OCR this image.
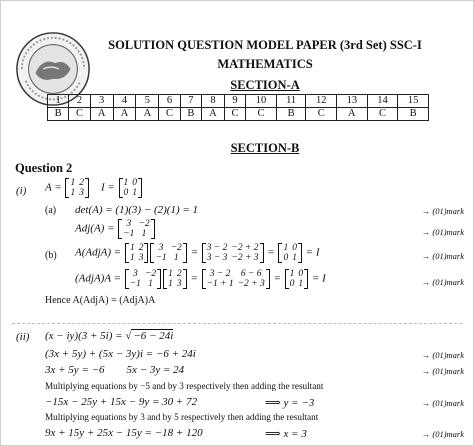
SOLUTION QUESTION MODEL PAPER (3rd Set) SSC-I
MATHEMATICS
SECTION-A
1	2	3	4	5	6	7	8	9	10	11	12	13	14	15
B	C	A	A	A	C	B	A	C	C	B	C	A	C	B
SECTION-B
Question 2
(i) A = 1	2
1	3 I = 1	0
0	1
(a) det(A) = (1)(3) − (2)(1) = 1	→ (01)mark
Adj(A) = 3	−2
−1	1	→ (01)mark
(b) A(AdjA) = 1	2
1	3
3	−2
−1	1 = 3 − 2	−2 + 2
3 − 3	−2 + 3 = 1	0
0	1 = I	→ (01)mark
(AdjA)A = 3	−2
−1	1
1	2
1	3 = 3 − 2	6 − 6
−1 + 1	−2 + 3 = 1	0
0	1 = I	→ (01)mark
Hence A(AdjA) = (AdjA)A
(ii) (x − iy)(3 + 5i) = √ −6 − 24i
(3x + 5y) + (5x − 3y)i = −6 + 24i	→ (01)mark
3x + 5y = −6        5x − 3y = 24	→ (01)mark
Multiplying equations by −5 and by 3 respectively then adding the resultant
−15x − 25y + 15x − 9y = 30 + 72	⟹ y = −3	→ (01)mark
Multiplying equations by 3 and by 5 respectively then adding the resultant
9x + 15y + 25x − 15y = −18 + 120	⟹ x = 3	→ (01)mark
